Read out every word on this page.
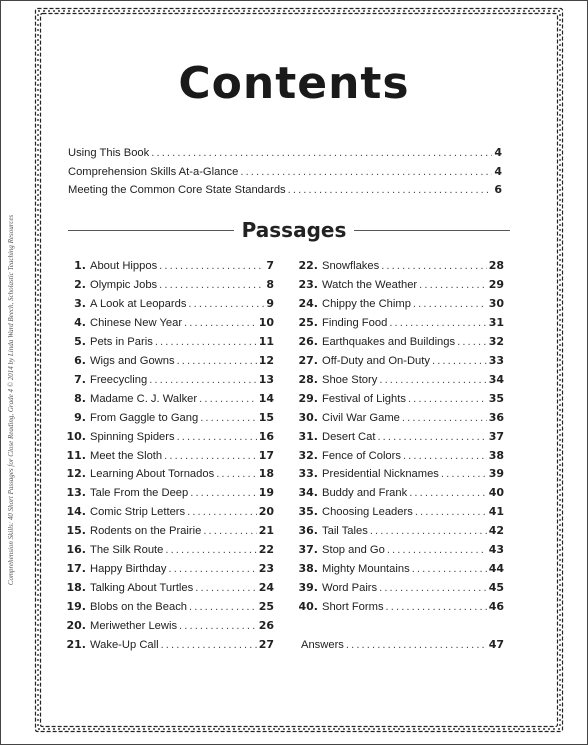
Comprehension Skills: 40 Short Passages for Close Reading, Grade 4 © 2014 by Linda Ward Beech, Scholastic Teaching Resources
Contents
Using This Book . . .	4
Comprehension Skills At-a-Glance . . .	4
Meeting the Common Core State Standards . . .	6
Passages
1. About Hippos . . .	7
2. Olympic Jobs . . .	8
3. A Look at Leopards . . .	9
4. Chinese New Year . . .	10
5. Pets in Paris . . .	11
6. Wigs and Gowns . . .	12
7. Freecycling . . .	13
8. Madame C. J. Walker . . .	14
9. From Gaggle to Gang . . .	15
10. Spinning Spiders . . .	16
11. Meet the Sloth . . .	17
12. Learning About Tornados . . .	18
13. Tale From the Deep . . .	19
14. Comic Strip Letters . . .	20
15. Rodents on the Prairie . . .	21
16. The Silk Route . . .	22
17. Happy Birthday . . .	23
18. Talking About Turtles . . .	24
19. Blobs on the Beach . . .	25
20. Meriwether Lewis . . .	26
21. Wake-Up Call . . .	27
22. Snowflakes . . .	28
23. Watch the Weather . . .	29
24. Chippy the Chimp . . .	30
25. Finding Food . . .	31
26. Earthquakes and Buildings . . .	32
27. Off-Duty and On-Duty . . .	33
28. Shoe Story . . .	34
29. Festival of Lights . . .	35
30. Civil War Game . . .	36
31. Desert Cat . . .	37
32. Fence of Colors . . .	38
33. Presidential Nicknames . . .	39
34. Buddy and Frank . . .	40
35. Choosing Leaders . . .	41
36. Tail Tales . . .	42
37. Stop and Go . . .	43
38. Mighty Mountains . . .	44
39. Word Pairs . . .	45
40. Short Forms . . .	46
Answers . . .	47
